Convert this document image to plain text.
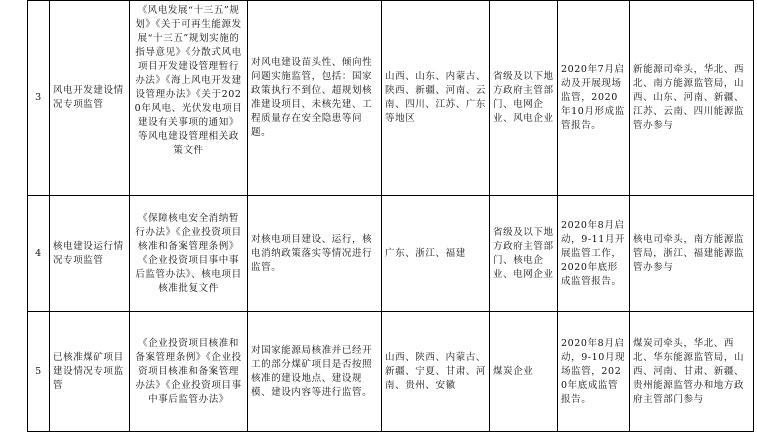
3	风电开发建设情况专项监管	《风电发展“十三五”规划》《关于可再生能源发展“十三五”规划实施的指导意见》《分散式风电项目开发建设管理暂行办法》《海上风电开发建设管理办法》《关于2020年风电、光伏发电项目建设有关事项的通知》等风电建设管理相关政策文件	对风电建设苗头性、倾向性问题实施监管，包括：国家政策执行不到位、超规划核准建设项目、未核先建、工程质量存在安全隐患等问题。	山西、山东、内蒙古、陕西、新疆、河南、云南、四川、江苏、广东等地区	省级及以下地方政府主管部门、电网企业、风电企业	2020年7月启动及开展现场监管，2020年10月形成监管报告。	新能源司牵头，华北、西北、南方能源监管局，山西、山东、河南、新疆、江苏、云南、四川能源监管办参与
4	核电建设运行情况专项监管	《保障核电安全消纳暂行办法》《企业投资项目核准和备案管理条例》《企业投资项目事中事后监管办法》、核电项目核准批复文件	对核电项目建设、运行，核电消纳政策落实等情况进行监管。	广东、浙江、福建	省级及以下地方政府主管部门、核电企业、电网企业	2020年8月启动，9-11月开展监管工作，2020年底形成监管报告。	核电司牵头，南方能源监管局，浙江、福建能源监管办参与
5	已核准煤矿项目建设情况专项监管	《企业投资项目核准和备案管理条例》《企业投资项目核准和备案管理办法》《企业投资项目事中事后监管办法》	对国家能源局核准并已经开工的部分煤矿项目是否按照核准的建设地点、建设规模、建设内容等进行监管。	山西、陕西、内蒙古、新疆、宁夏、甘肃、河南、贵州、安徽	煤炭企业	2020年8月启动，9-10月现场监管，2020年底成监管报告。	煤炭司牵头，华北、西北、华东能源监管局，山西、河南、甘肃、新疆、贵州能源监管办和地方政府主管部门参与
